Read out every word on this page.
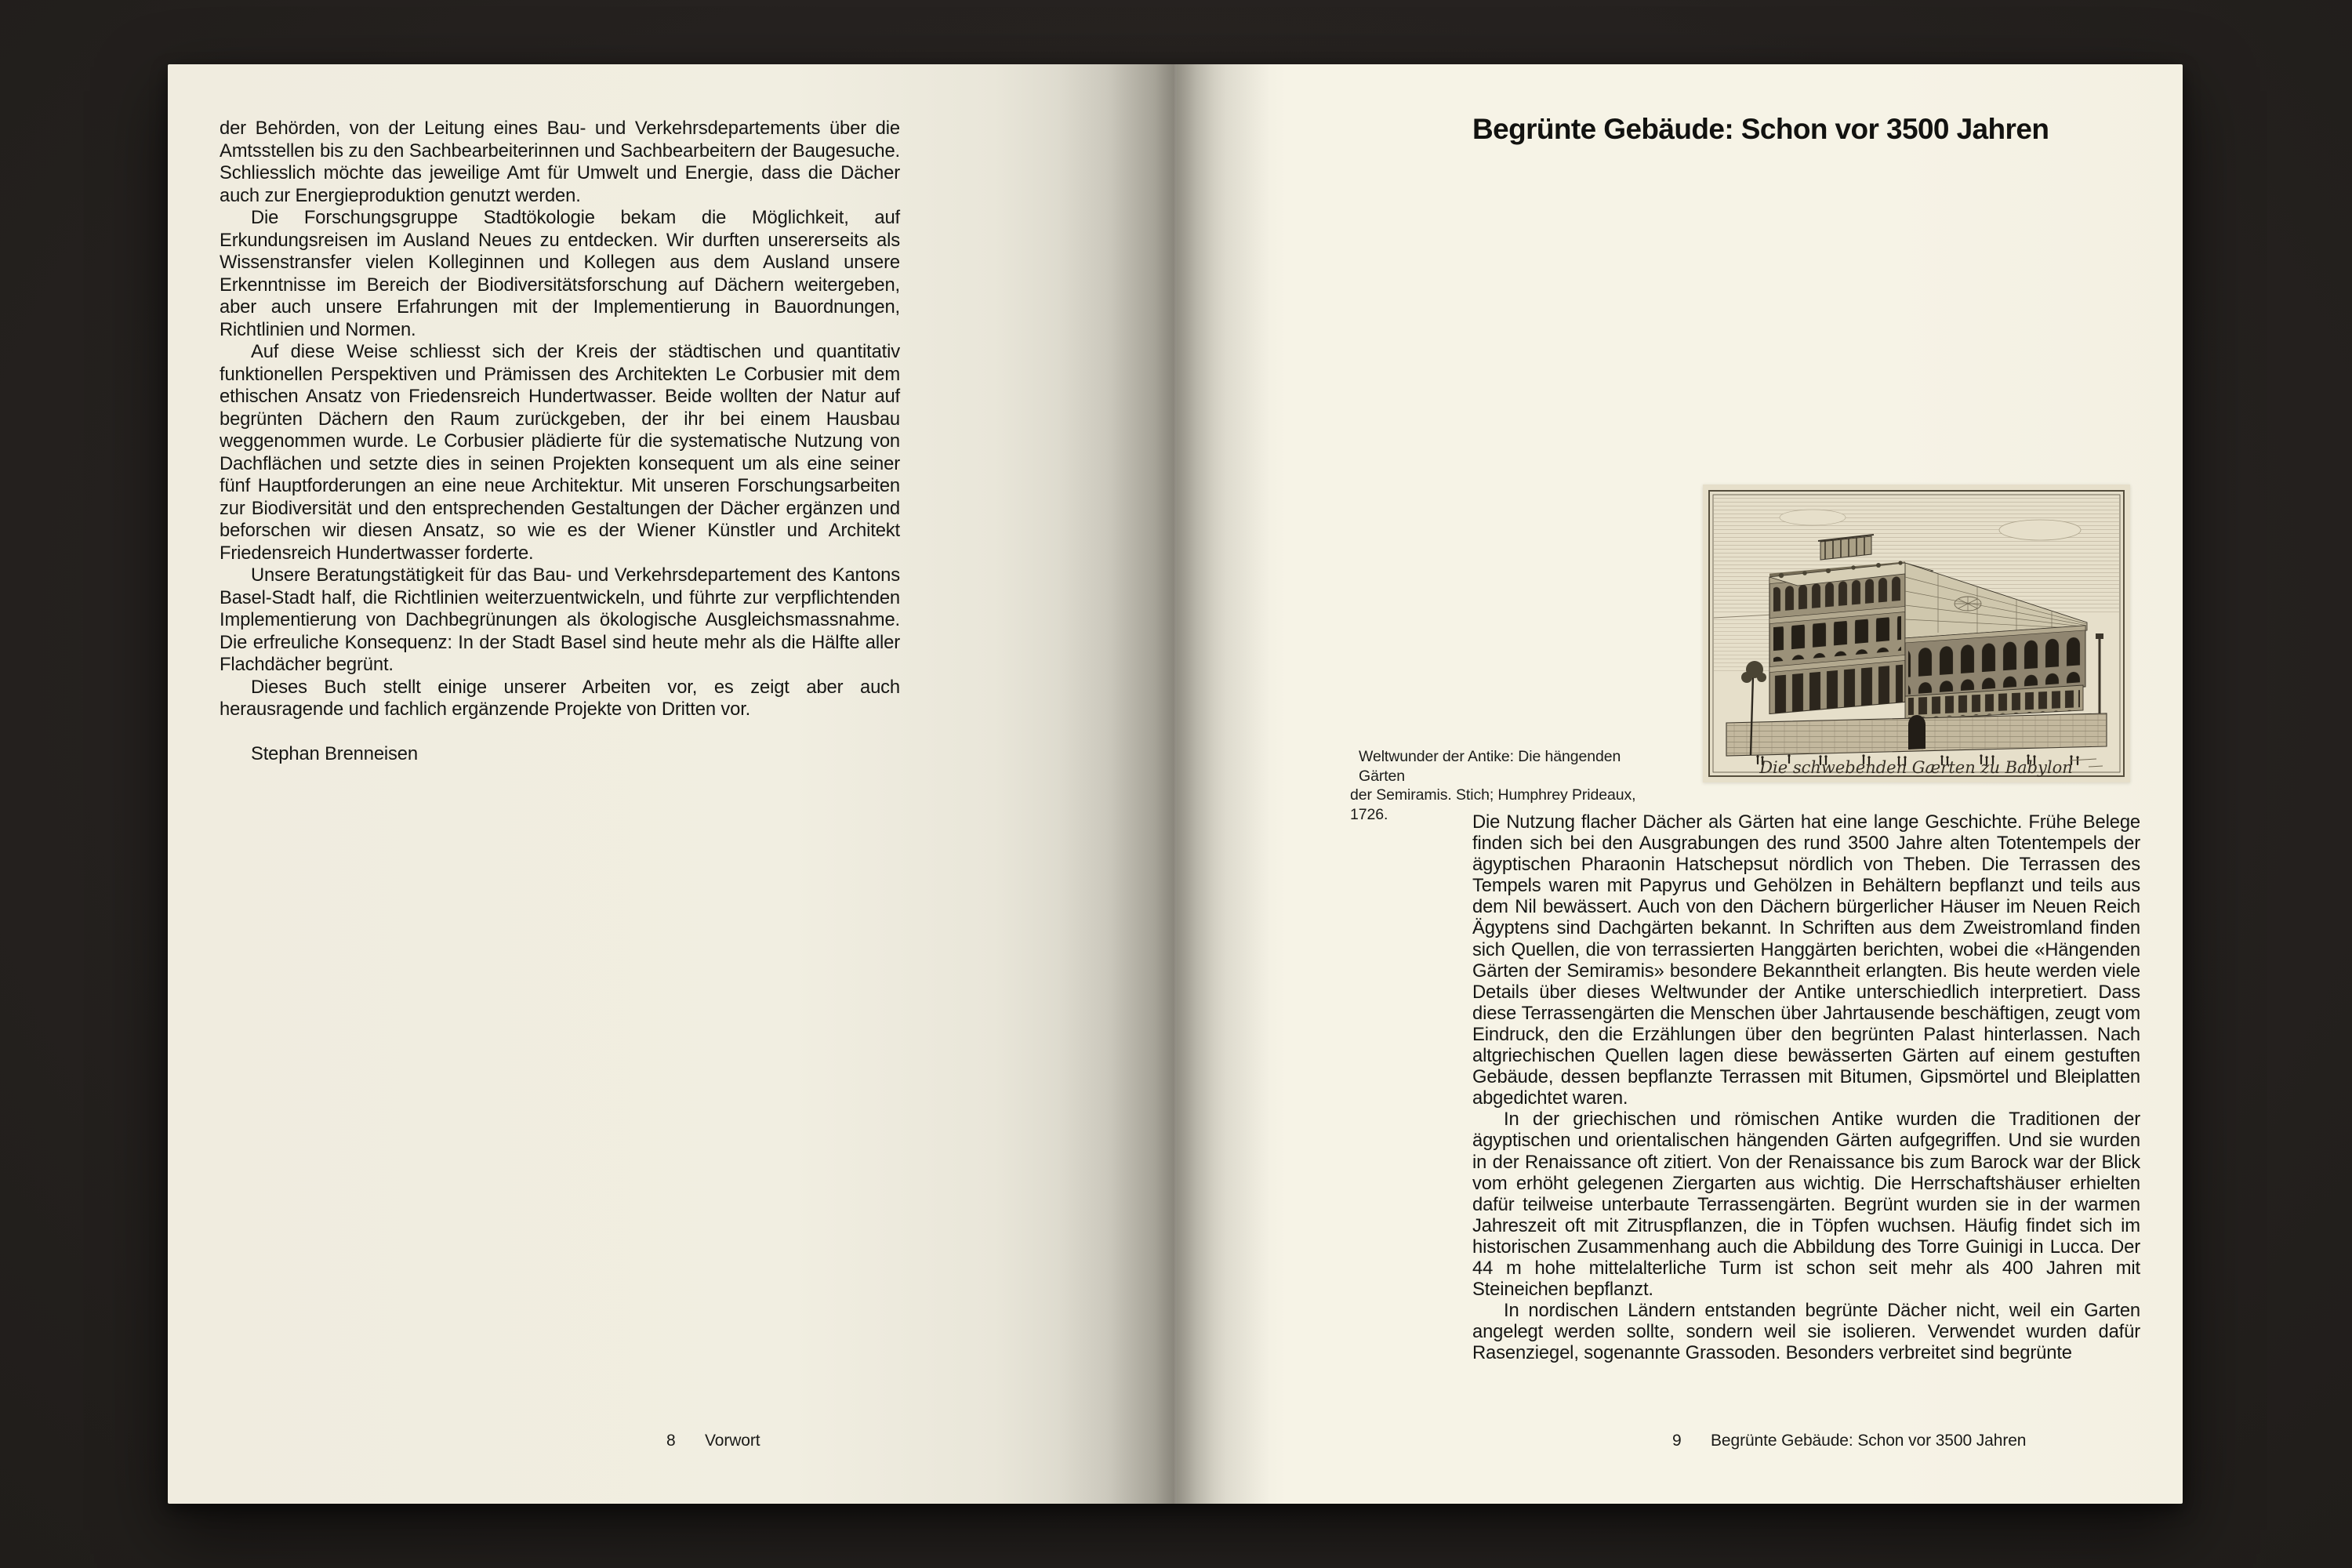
der Behörden, von der Leitung eines Bau- und Verkehrsdepartements über die Amtsstellen bis zu den Sachbearbeiterinnen und Sachbearbeitern der Baugesuche. Schliesslich möchte das jeweilige Amt für Umwelt und Energie, dass die Dächer auch zur Energieproduktion genutzt werden.

Die Forschungsgruppe Stadtökologie bekam die Möglichkeit, auf Erkundungsreisen im Ausland Neues zu entdecken. Wir durften unsererseits als Wissenstransfer vielen Kolleginnen und Kollegen aus dem Ausland unsere Erkenntnisse im Bereich der Biodiversitätsforschung auf Dächern weitergeben, aber auch unsere Erfahrungen mit der Implementierung in Bauordnungen, Richtlinien und Normen.

Auf diese Weise schliesst sich der Kreis der städtischen und quantitativ funktionellen Perspektiven und Prämissen des Architekten Le Corbusier mit dem ethischen Ansatz von Friedensreich Hundertwasser. Beide wollten der Natur auf begrünten Dächern den Raum zurückgeben, der ihr bei einem Hausbau weggenommen wurde. Le Corbusier plädierte für die systematische Nutzung von Dachflächen und setzte dies in seinen Projekten konsequent um als eine seiner fünf Hauptforderungen an eine neue Architektur. Mit unseren Forschungsarbeiten zur Biodiversität und den entsprechenden Gestaltungen der Dächer ergänzen und beforschen wir diesen Ansatz, so wie es der Wiener Künstler und Architekt Friedensreich Hundertwasser forderte.

Unsere Beratungstätigkeit für das Bau- und Verkehrsdepartement des Kantons Basel-Stadt half, die Richtlinien weiterzuentwickeln, und führte zur verpflichtenden Implementierung von Dachbegrünungen als ökologische Ausgleichsmassnahme. Die erfreuliche Konsequenz: In der Stadt Basel sind heute mehr als die Hälfte aller Flachdächer begrünt.

Dieses Buch stellt einige unserer Arbeiten vor, es zeigt aber auch herausragende und fachlich ergänzende Projekte von Dritten vor.

Stephan Brenneisen

8	Vorwort
Begrünte Gebäude: Schon vor 3500 Jahren
Die schwebenden Gærten zu Babylon
Weltwunder der Antike: Die hängenden Gärten
der Semiramis. Stich; Humphrey Prideaux, 1726.	Die Nutzung flacher Dächer als Gärten hat eine lange Geschichte. Frühe Belege finden sich bei den Ausgrabungen des rund 3500 Jahre alten Totentempels der ägyptischen Pharaonin Hatschepsut nördlich von Theben. Die Terrassen des Tempels waren mit Papyrus und Gehölzen in Behältern bepflanzt und teils aus dem Nil bewässert. Auch von den Dächern bürgerlicher Häuser im Neuen Reich Ägyptens sind Dachgärten bekannt. In Schriften aus dem Zweistromland finden sich Quellen, die von terrassierten Hanggärten berichten, wobei die «Hängenden Gärten der Semiramis» besondere Bekanntheit erlangten. Bis heute werden viele Details über dieses Weltwunder der Antike unterschiedlich interpretiert. Dass diese Terrassengärten die Menschen über Jahrtausende beschäftigen, zeugt vom Eindruck, den die Erzählungen über den begrünten Palast hinterlassen. Nach altgriechischen Quellen lagen diese bewässerten Gärten auf einem gestuften Gebäude, dessen bepflanzte Terrassen mit Bitumen, Gipsmörtel und Bleiplatten abgedichtet waren.

In der griechischen und römischen Antike wurden die Traditionen der ägyptischen und orientalischen hängenden Gärten aufgegriffen. Und sie wurden in der Renaissance oft zitiert. Von der Renaissance bis zum Barock war der Blick vom erhöht gelegenen Ziergarten aus wichtig. Die Herrschaftshäuser erhielten dafür teilweise unterbaute Terrassengärten. Begrünt wurden sie in der warmen Jahreszeit oft mit Zitruspflanzen, die in Töpfen wuchsen. Häufig findet sich im historischen Zusammenhang auch die Abbildung des Torre Guinigi in Lucca. Der 44 m hohe mittelalterliche Turm ist schon seit mehr als 400 Jahren mit Steineichen bepflanzt.

In nordischen Ländern entstanden begrünte Dächer nicht, weil ein Garten angelegt werden sollte, sondern weil sie isolieren. Verwendet wurden dafür Rasenziegel, sogenannte Grassoden. Besonders verbreitet sind begrünte

9	Begrünte Gebäude: Schon vor 3500 Jahren
